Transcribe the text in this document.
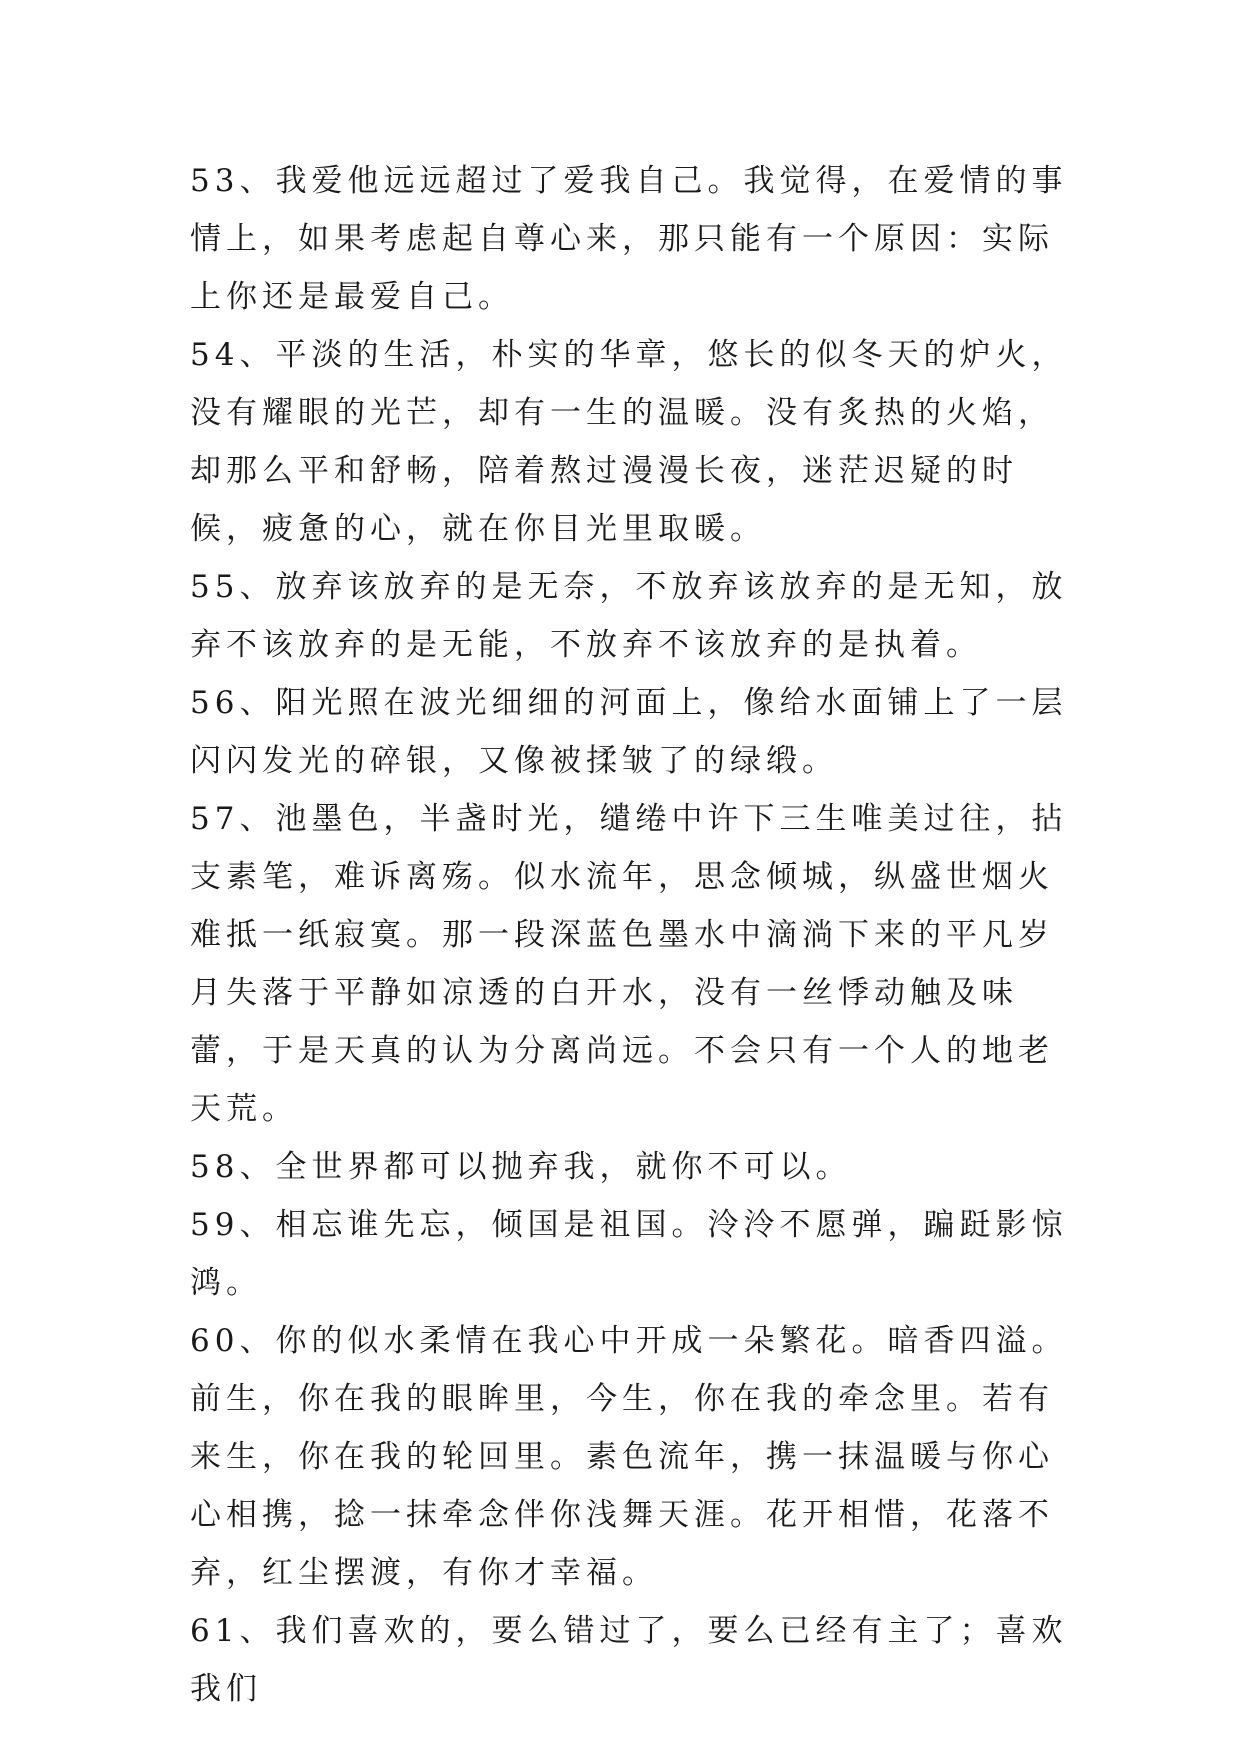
53、我爱他远远超过了爱我自己。我觉得，在爱情的事情上，如果考虑起自尊心来，那只能有一个原因：实际上你还是最爱自己。

54、平淡的生活，朴实的华章，悠长的似冬天的炉火，没有耀眼的光芒，却有一生的温暖。没有炙热的火焰，却那么平和舒畅，陪着熬过漫漫长夜，迷茫迟疑的时候，疲惫的心，就在你目光里取暖。

55、放弃该放弃的是无奈，不放弃该放弃的是无知，放弃不该放弃的是无能，不放弃不该放弃的是执着。

56、阳光照在波光细细的河面上，像给水面铺上了一层闪闪发光的碎银，又像被揉皱了的绿缎。

57、池墨色，半盏时光，缱绻中许下三生唯美过往，拈支素笔，难诉离殇。似水流年，思念倾城，纵盛世烟火难抵一纸寂寞。那一段深蓝色墨水中滴淌下来的平凡岁月失落于平静如凉透的白开水，没有一丝悸动触及味蕾，于是天真的认为分离尚远。不会只有一个人的地老天荒。

58、全世界都可以抛弃我，就你不可以。

59、相忘谁先忘，倾国是祖国。泠泠不愿弹，蹁跹影惊鸿。

60、你的似水柔情在我心中开成一朵繁花。暗香四溢。前生，你在我的眼眸里，今生，你在我的牵念里。若有来生，你在我的轮回里。素色流年，携一抹温暖与你心心相携，捻一抹牵念伴你浅舞天涯。花开相惜，花落不弃，红尘摆渡，有你才幸福。

61、我们喜欢的，要么错过了，要么已经有主了；喜欢我们
